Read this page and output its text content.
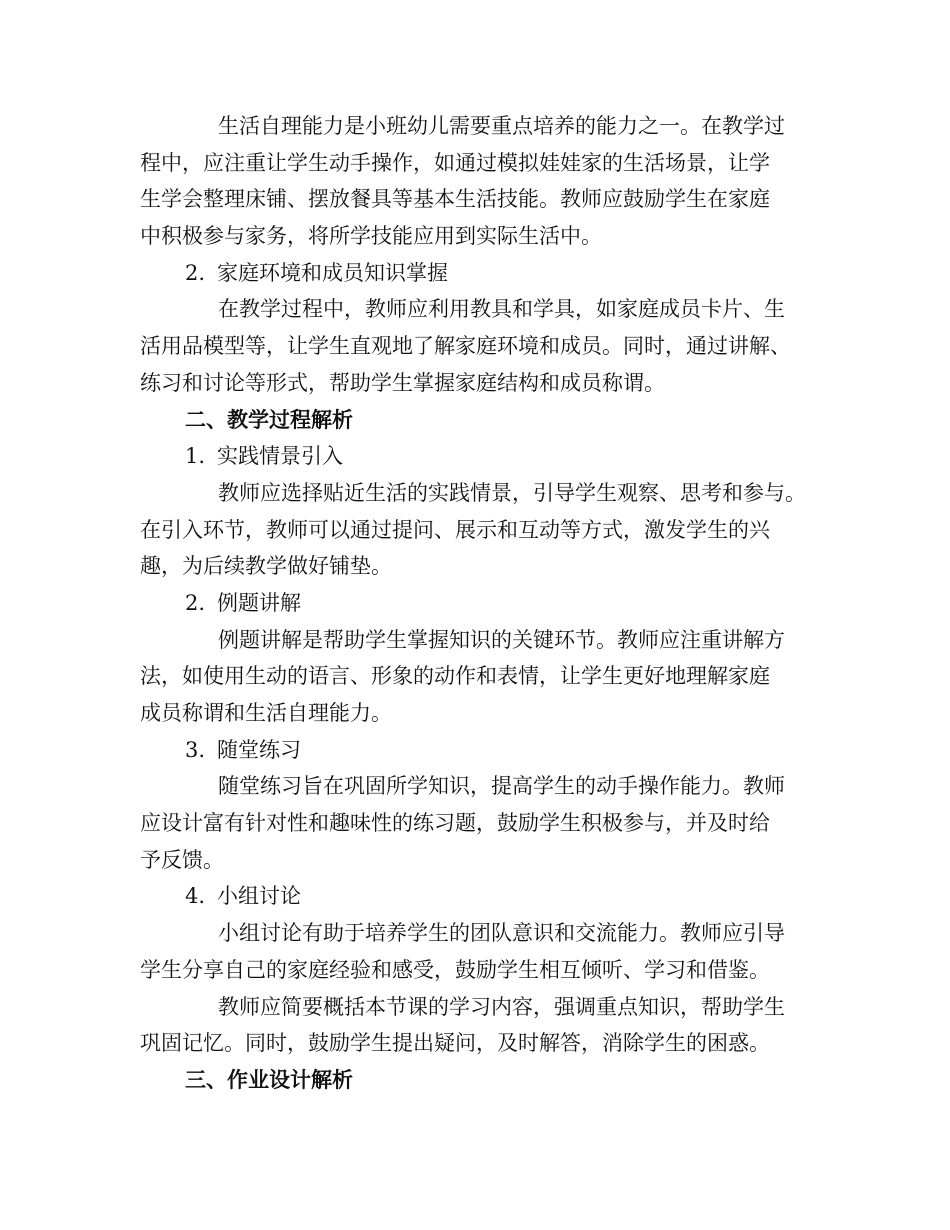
生活自理能力是小班幼儿需要重点培养的能力之一。在教学过
程中，应注重让学生动手操作，如通过模拟娃娃家的生活场景，让学
生学会整理床铺、摆放餐具等基本生活技能。教师应鼓励学生在家庭
中积极参与家务，将所学技能应用到实际生活中。
2. 家庭环境和成员知识掌握
在教学过程中，教师应利用教具和学具，如家庭成员卡片、生
活用品模型等，让学生直观地了解家庭环境和成员。同时，通过讲解、
练习和讨论等形式，帮助学生掌握家庭结构和成员称谓。
二、教学过程解析
1. 实践情景引入
教师应选择贴近生活的实践情景，引导学生观察、思考和参与。
在引入环节，教师可以通过提问、展示和互动等方式，激发学生的兴
趣，为后续教学做好铺垫。
2. 例题讲解
例题讲解是帮助学生掌握知识的关键环节。教师应注重讲解方
法，如使用生动的语言、形象的动作和表情，让学生更好地理解家庭
成员称谓和生活自理能力。
3. 随堂练习
随堂练习旨在巩固所学知识，提高学生的动手操作能力。教师
应设计富有针对性和趣味性的练习题，鼓励学生积极参与，并及时给
予反馈。
4. 小组讨论
小组讨论有助于培养学生的团队意识和交流能力。教师应引导
学生分享自己的家庭经验和感受，鼓励学生相互倾听、学习和借鉴。
教师应简要概括本节课的学习内容，强调重点知识，帮助学生
巩固记忆。同时，鼓励学生提出疑问，及时解答，消除学生的困惑。
三、作业设计解析
